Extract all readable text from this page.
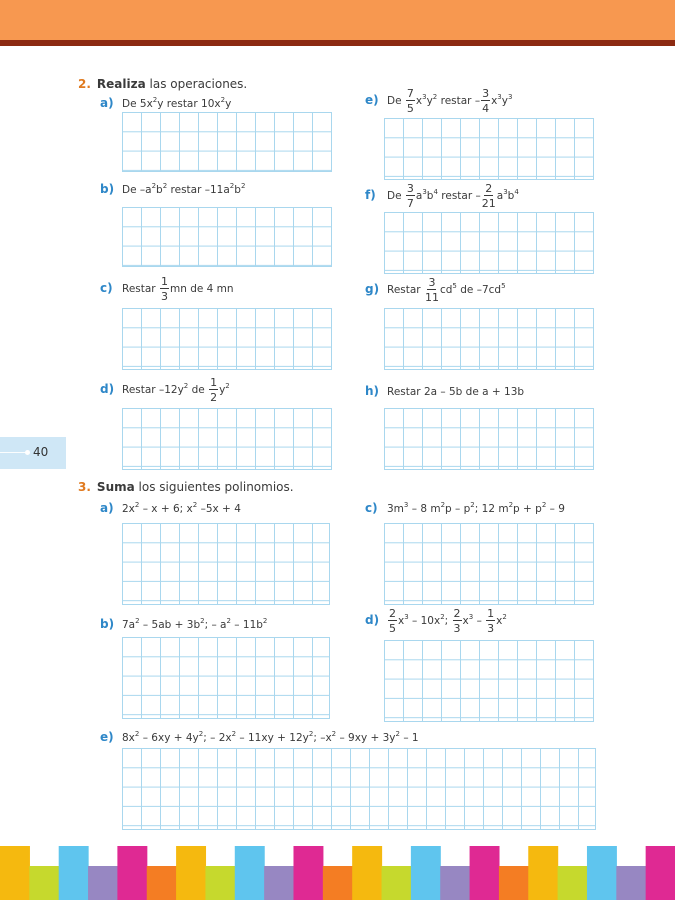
40
2. Realiza las operaciones.
a) De $5x^2y$ restar $10x^2y$
b) De $-a^2b^2$ restar $-11a^2b^2$
c) Restar $\frac{1}{3}$ mn de 4 mn
d) Restar $-12y^2$ de $\frac{1}{2} y^2$
e) De $\frac{7}{5} x^3y^2$ restar – $\frac{3}{4} x^3y^3$
f) De $\frac{3}{7} a^3b^4$ restar – $\frac{2}{21} a^3b^4$
g) Restar $\frac{3}{11} cd^5$ de $-7cd^5$
h) Restar 2a – 5b de a + 13b
3. Suma los siguientes polinomios.
a) $2x^2 - x + 6$; $x^2$ –5x + 4
b) $7a^2 - 5ab + 3b^2$; – $a^2 - 11b^2$
c) $3m^3 - 8$ $m^2p - p^2$; 12 $m^2p + p^2 - 9$
$d) \frac{2}{5} x^3 - 10x^2$; $\frac{2}{3} x^3 - \frac{1}{3} x^2$
e) $8x^2 - 6xy + 4y^2$; – $2x^2 - 11xy + 12y^2$; $-x^2 - 9xy + 3y^2 - 1$
